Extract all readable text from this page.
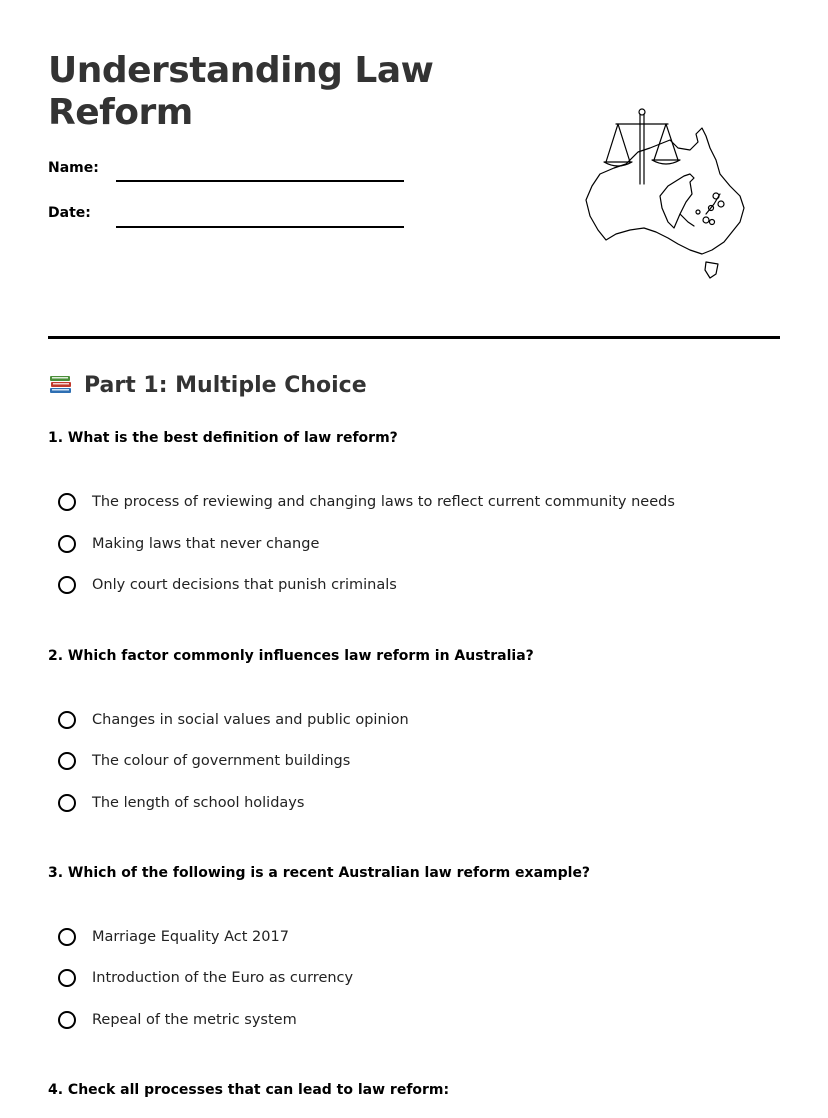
Understanding Law Reform
Name:
Date:
Part 1: Multiple Choice
1. What is the best definition of law reform?
The process of reviewing and changing laws to reflect current community needs
Making laws that never change
Only court decisions that punish criminals
2. Which factor commonly influences law reform in Australia?
Changes in social values and public opinion
The colour of government buildings
The length of school holidays
3. Which of the following is a recent Australian law reform example?
Marriage Equality Act 2017
Introduction of the Euro as currency
Repeal of the metric system
4. Check all processes that can lead to law reform:
